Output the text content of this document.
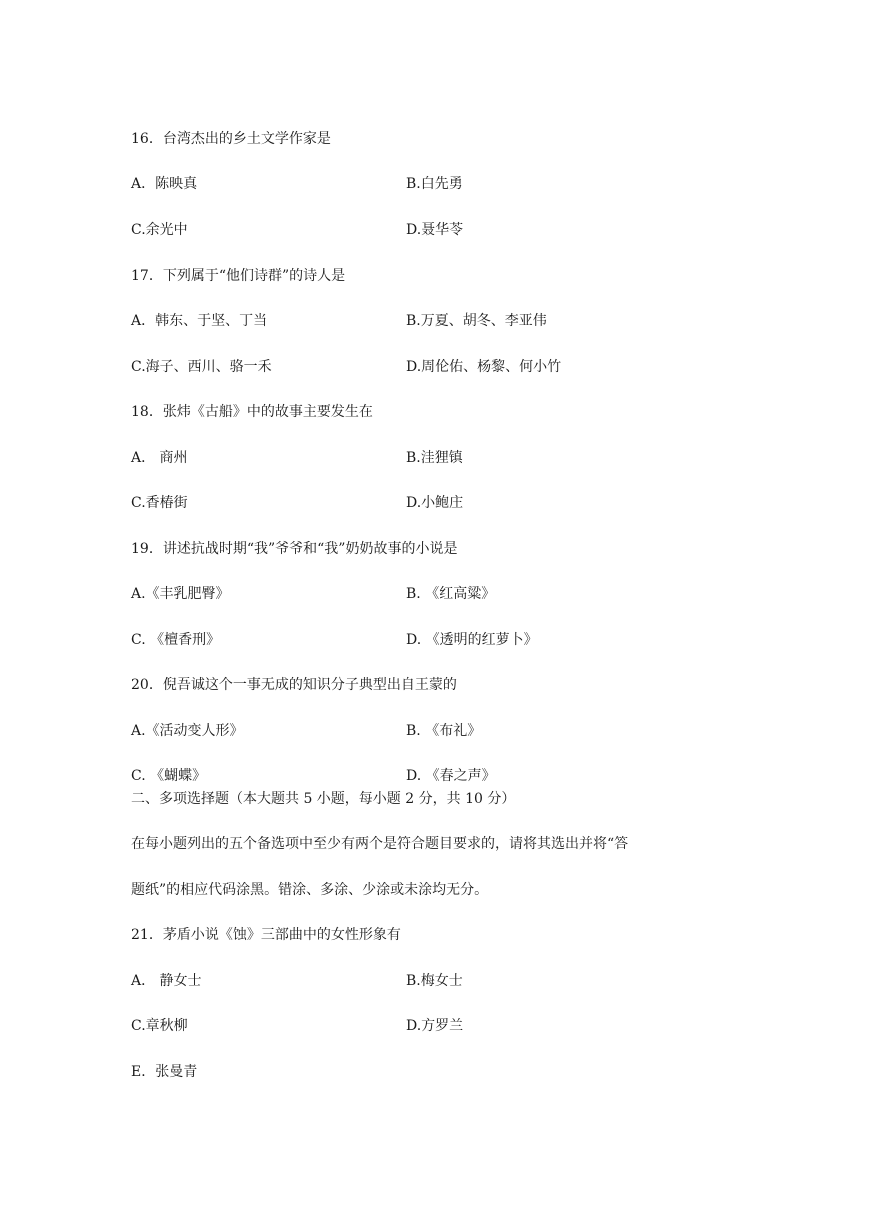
16．台湾杰出的乡土文学作家是
A．陈映真	B.白先勇
C.余光中	D.聂华苓
17．下列属于“他们诗群”的诗人是
A．韩东、于坚、丁当	B.万夏、胡冬、李亚伟
C.海子、西川、骆一禾	D.周伦佑、杨黎、何小竹
18．张炜《古船》中的故事主要发生在
A． 商州	B.洼狸镇
C.香椿街	D.小鲍庄
19．讲述抗战时期“我”爷爷和“我”奶奶故事的小说是
A.《丰乳肥臀》	B. 《红高粱》
C. 《檀香刑》	D. 《透明的红萝卜》
20．倪吾诚这个一事无成的知识分子典型出自王蒙的
A.《活动变人形》	B. 《布礼》
C. 《蝴蝶》	D. 《春之声》
二、多项选择题（本大题共 5 小题，每小题 2 分，共 10 分）
在每小题列出的五个备选项中至少有两个是符合题目要求的，请将其选出并将“答
题纸”的相应代码涂黑。错涂、多涂、少涂或未涂均无分。
21．茅盾小说《蚀》三部曲中的女性形象有
A． 静女士	B.梅女士
C.章秋柳	D.方罗兰
E．张曼青
